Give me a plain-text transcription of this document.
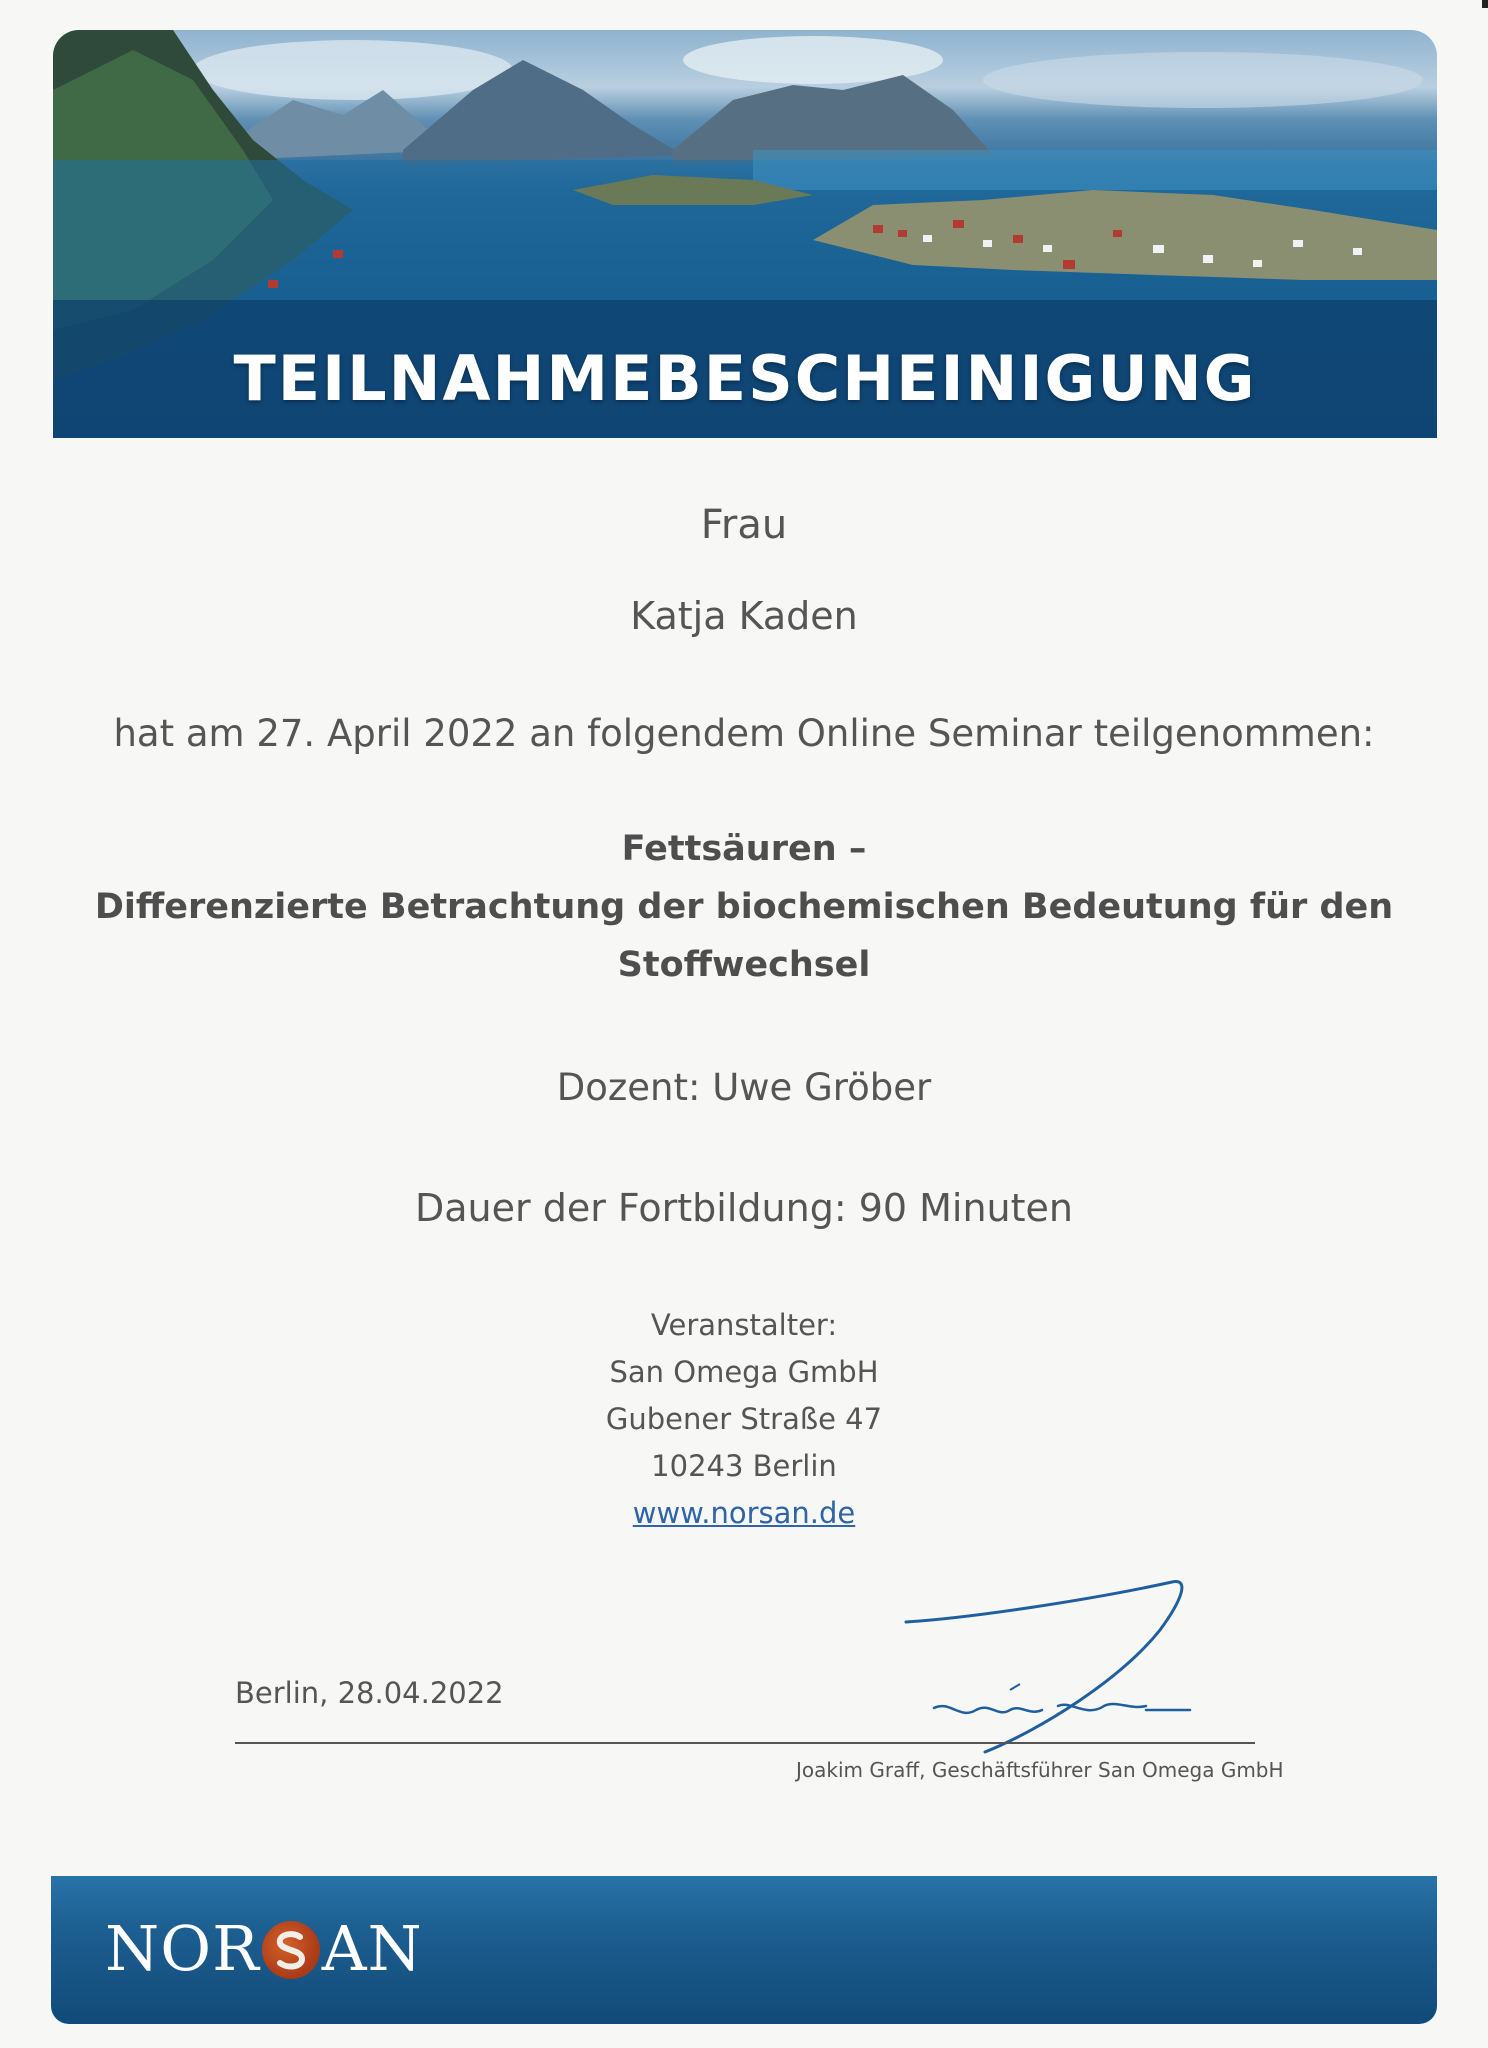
TEILNAHMEBESCHEINIGUNG
Frau
Katja Kaden
hat am 27. April 2022 an folgendem Online Seminar teilgenommen:
Fettsäuren –
Differenzierte Betrachtung der biochemischen Bedeutung für den
Stoffwechsel
Dozent: Uwe Gröber
Dauer der Fortbildung: 90 Minuten
Veranstalter:
San Omega GmbH
Gubener Straße 47
10243 Berlin
www.norsan.de
Berlin, 28.04.2022
Joakim Graff, Geschäftsführer San Omega GmbH
NOR AN
